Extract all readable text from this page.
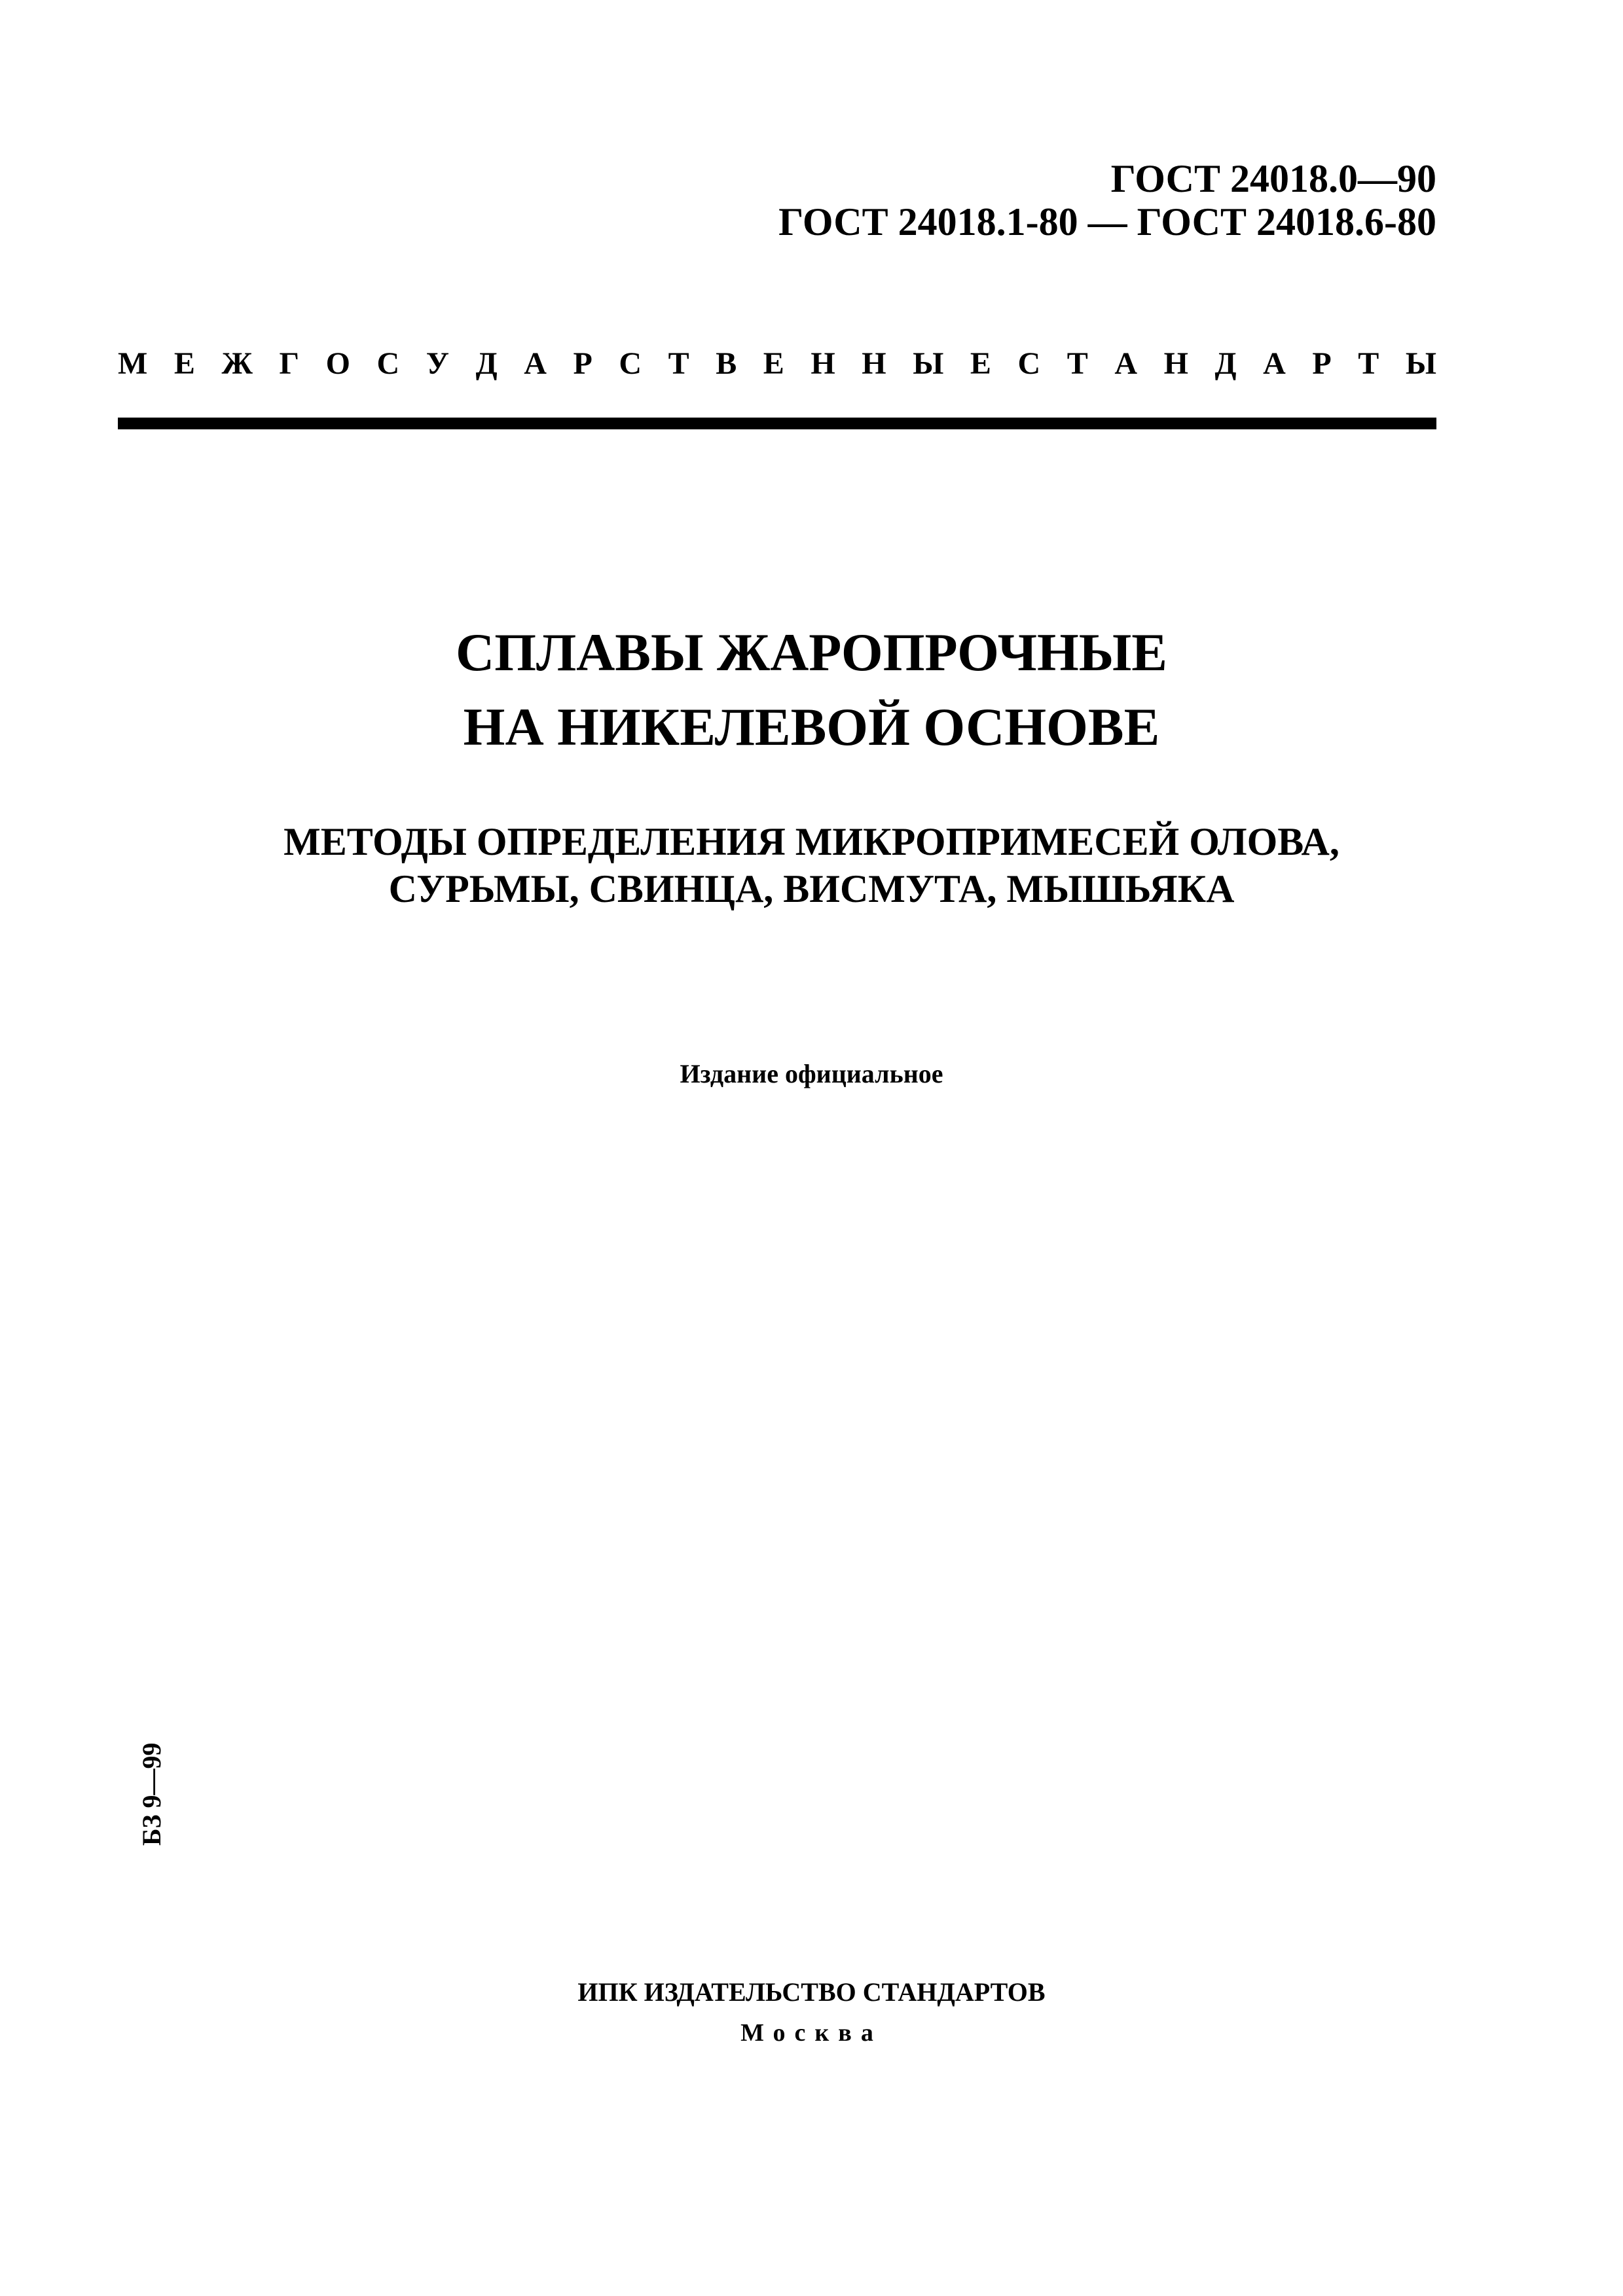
ГОСТ 24018.0—90
ГОСТ 24018.1-80 — ГОСТ 24018.6-80
М Е Ж Г О С У Д А Р С Т В Е Н Н Ы Е С Т А Н Д А Р Т Ы
СПЛАВЫ ЖАРОПРОЧНЫЕ
НА НИКЕЛЕВОЙ ОСНОВЕ
МЕТОДЫ ОПРЕДЕЛЕНИЯ МИКРОПРИМЕСЕЙ ОЛОВА,
СУРЬМЫ, СВИНЦА, ВИСМУТА, МЫШЬЯКА
Издание официальное
БЗ 9—99
ИПК ИЗДАТЕЛЬСТВО СТАНДАРТОВ
Москва
